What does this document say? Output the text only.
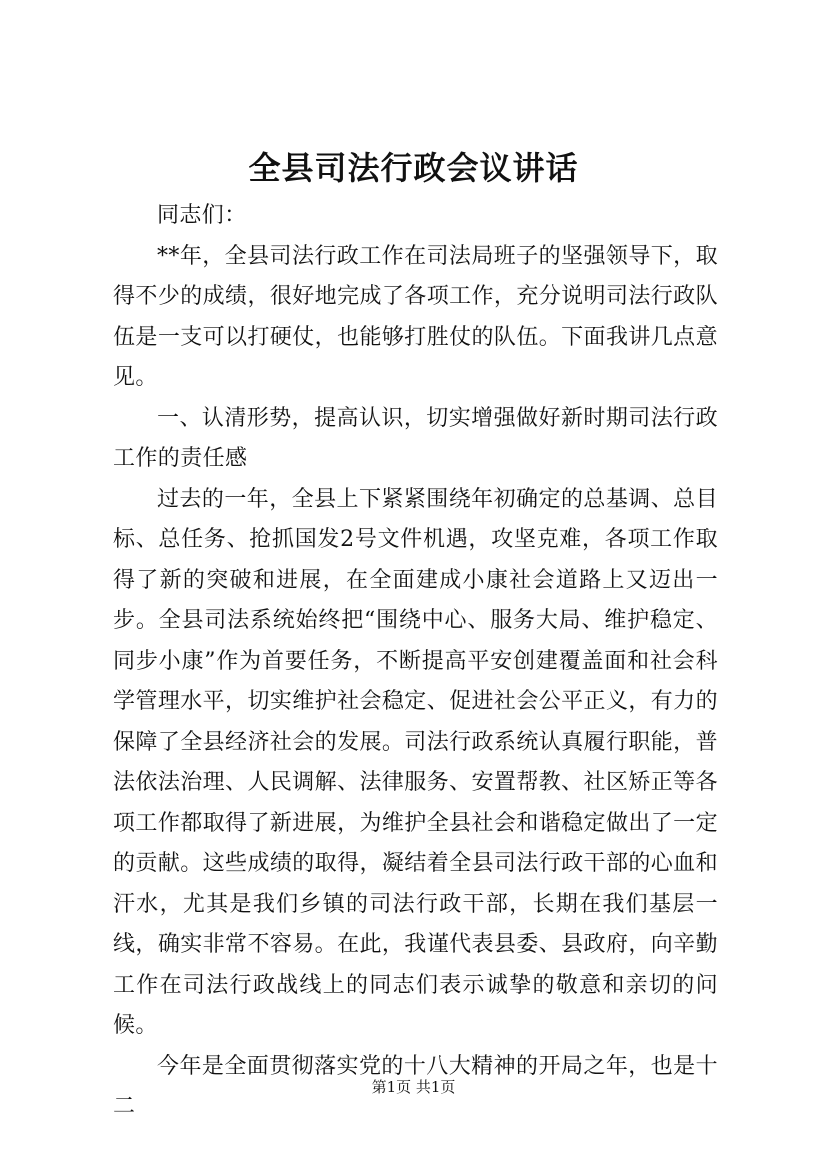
全县司法行政会议讲话

同志们：

**年，全县司法行政工作在司法局班子的坚强领导下，取得不少的成绩，很好地完成了各项工作，充分说明司法行政队伍是一支可以打硬仗，也能够打胜仗的队伍。下面我讲几点意见。

一、认清形势，提高认识，切实增强做好新时期司法行政工作的责任感

过去的一年，全县上下紧紧围绕年初确定的总基调、总目标、总任务、抢抓国发2号文件机遇，攻坚克难，各项工作取得了新的突破和进展，在全面建成小康社会道路上又迈出一步。全县司法系统始终把“围绕中心、服务大局、维护稳定、同步小康”作为首要任务，不断提高平安创建覆盖面和社会科学管理水平，切实维护社会稳定、促进社会公平正义，有力的保障了全县经济社会的发展。司法行政系统认真履行职能，普法依法治理、人民调解、法律服务、安置帮教、社区矫正等各项工作都取得了新进展，为维护全县社会和谐稳定做出了一定的贡献。这些成绩的取得，凝结着全县司法行政干部的心血和汗水，尤其是我们乡镇的司法行政干部，长期在我们基层一线，确实非常不容易。在此，我谨代表县委、县政府，向辛勤工作在司法行政战线上的同志们表示诚挚的敬意和亲切的问候。

今年是全面贯彻落实党的十八大精神的开局之年，也是十二

第1页 共1页
